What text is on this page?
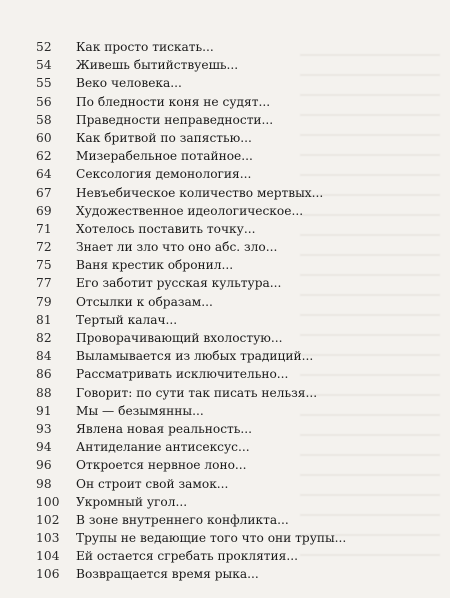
52	Как просто тискать...
54	Живешь бытийствуешь...
55	Веко человека...
56	По бледности коня не судят...
58	Праведности неправедности...
60	Как бритвой по запястью...
62	Мизерабельное потайное...
64	Сексология демонология...
67	Невъебическое количество мертвых...
69	Художественное идеологическое...
71	Хотелось поставить точку...
72	Знает ли зло что оно абс. зло...
75	Ваня крестик обронил...
77	Его заботит русская культура...
79	Отсылки к образам...
81	Тертый калач...
82	Проворачивающий вхолостую...
84	Выламывается из любых традиций...
86	Рассматривать исключительно...
88	Говорит: по сути так писать нельзя...
91	Мы — безымянны...
93	Явлена новая реальность...
94	Антиделание антисексус...
96	Откроется нервное лоно...
98	Он строит свой замок...
100	Укромный угол...
102	В зоне внутреннего конфликта...
103	Трупы не ведающие того что они трупы...
104	Ей остается сгребать проклятия...
106	Возвращается время рыка...
